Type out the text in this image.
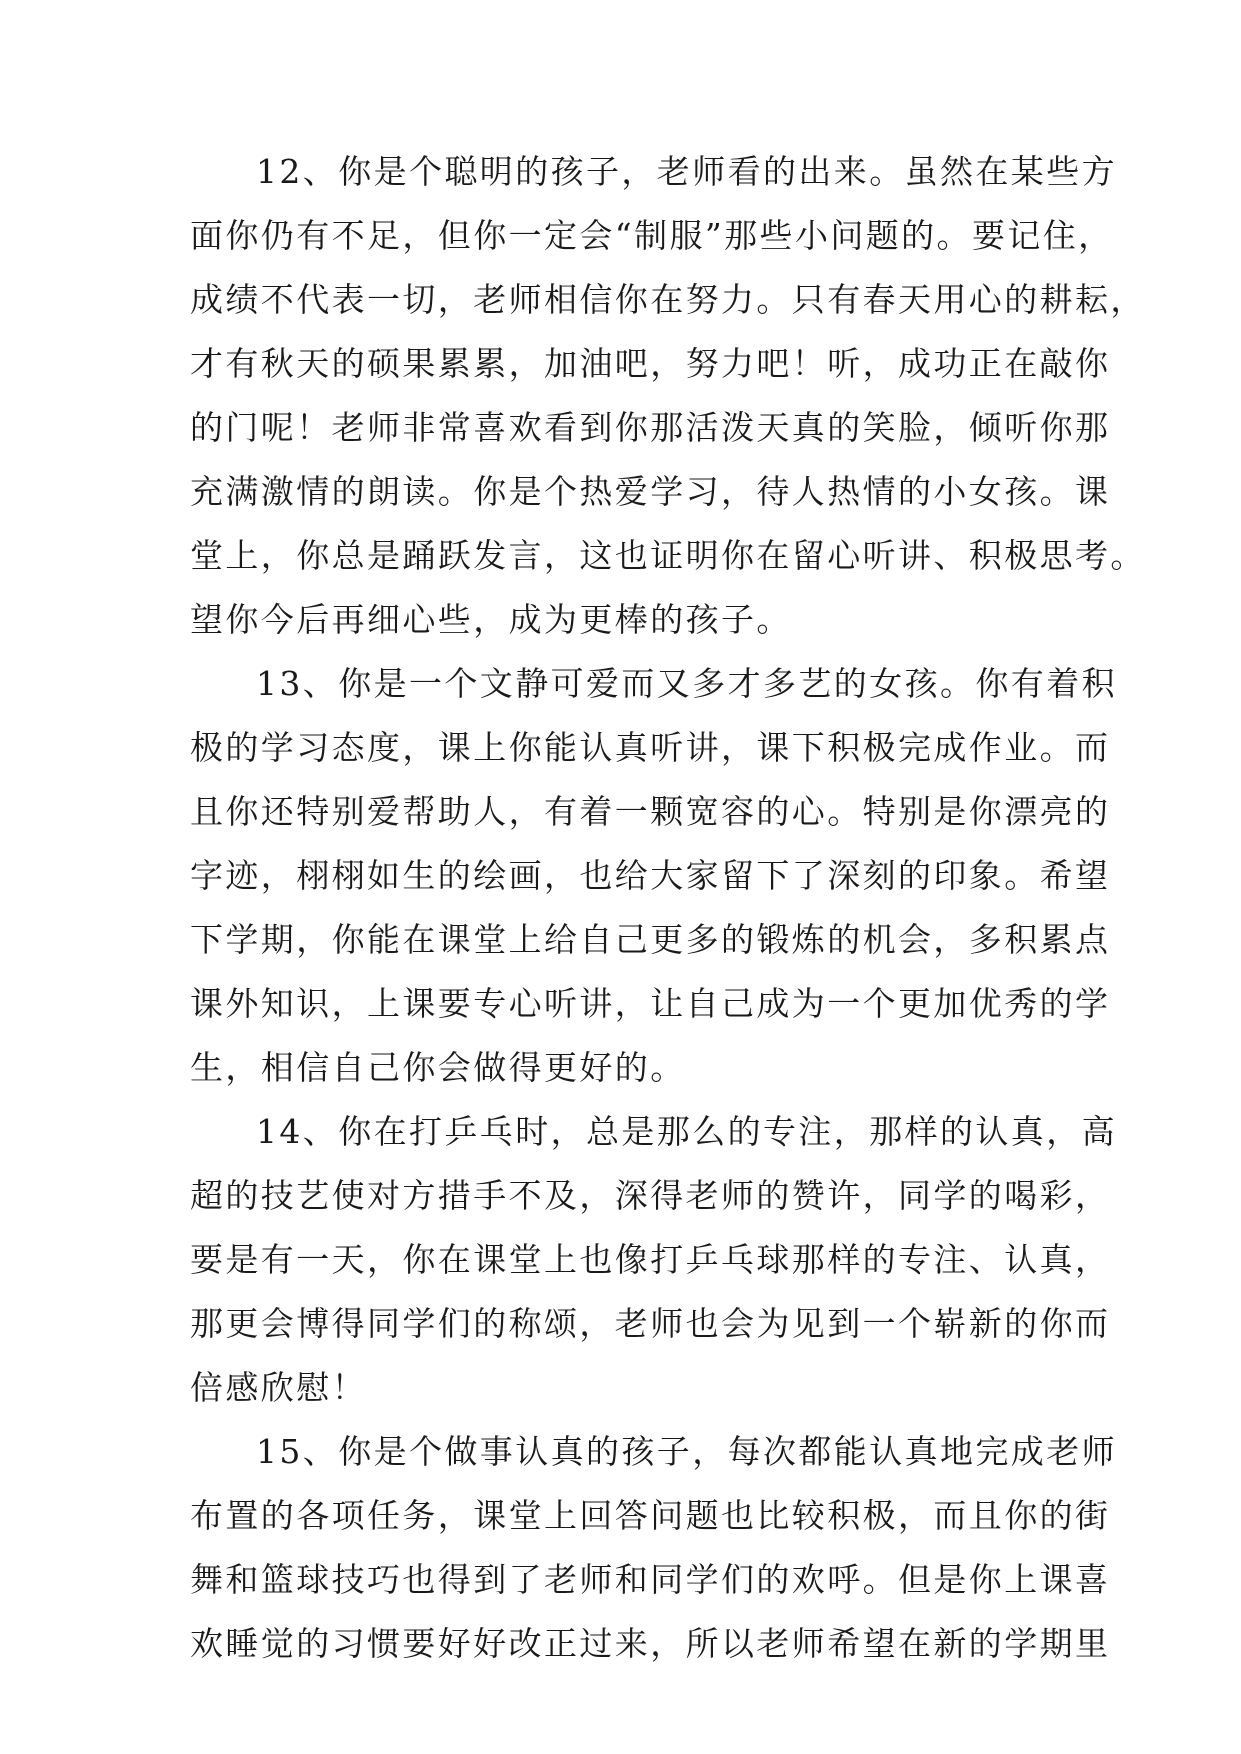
12、你是个聪明的孩子，老师看的出来。虽然在某些方
面你仍有不足，但你一定会“制服”那些小问题的。要记住，
成绩不代表一切，老师相信你在努力。只有春天用心的耕耘，
才有秋天的硕果累累，加油吧，努力吧！听，成功正在敲你
的门呢！老师非常喜欢看到你那活泼天真的笑脸，倾听你那
充满激情的朗读。你是个热爱学习，待人热情的小女孩。课
堂上，你总是踊跃发言，这也证明你在留心听讲、积极思考。
望你今后再细心些，成为更棒的孩子。
13、你是一个文静可爱而又多才多艺的女孩。你有着积
极的学习态度，课上你能认真听讲，课下积极完成作业。而
且你还特别爱帮助人，有着一颗宽容的心。特别是你漂亮的
字迹，栩栩如生的绘画，也给大家留下了深刻的印象。希望
下学期，你能在课堂上给自己更多的锻炼的机会，多积累点
课外知识，上课要专心听讲，让自己成为一个更加优秀的学
生，相信自己你会做得更好的。
14、你在打乒乓时，总是那么的专注，那样的认真，高
超的技艺使对方措手不及，深得老师的赞许，同学的喝彩，
要是有一天，你在课堂上也像打乒乓球那样的专注、认真，
那更会博得同学们的称颂，老师也会为见到一个崭新的你而
倍感欣慰！
15、你是个做事认真的孩子，每次都能认真地完成老师
布置的各项任务，课堂上回答问题也比较积极，而且你的街
舞和篮球技巧也得到了老师和同学们的欢呼。但是你上课喜
欢睡觉的习惯要好好改正过来，所以老师希望在新的学期里
